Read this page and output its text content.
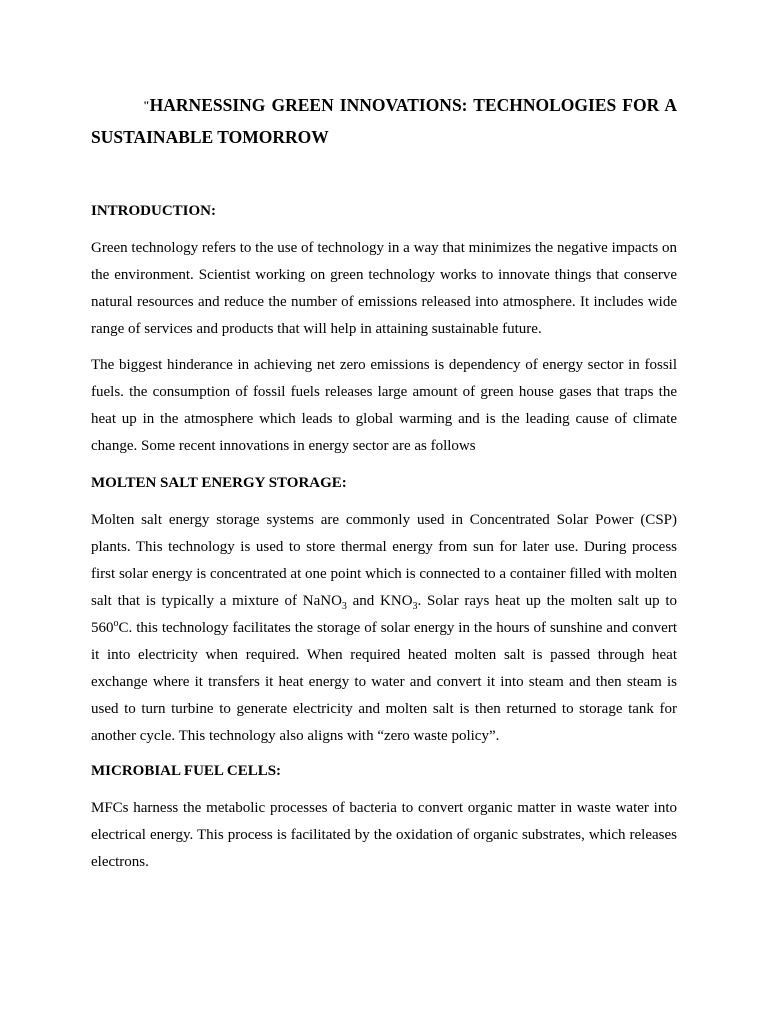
"HARNESSING GREEN INNOVATIONS: TECHNOLOGIES FOR A SUSTAINABLE TOMORROW

INTRODUCTION:

Green technology refers to the use of technology in a way that minimizes the negative impacts on the environment. Scientist working on green technology works to innovate things that conserve natural resources and reduce the number of emissions released into atmosphere. It includes wide range of services and products that will help in attaining sustainable future.

The biggest hinderance in achieving net zero emissions is dependency of energy sector in fossil fuels. the consumption of fossil fuels releases large amount of green house gases that traps the heat up in the atmosphere which leads to global warming and is the leading cause of climate change. Some recent innovations in energy sector are as follows

MOLTEN SALT ENERGY STORAGE:

Molten salt energy storage systems are commonly used in Concentrated Solar Power (CSP) plants. This technology is used to store thermal energy from sun for later use. During process first solar energy is concentrated at one point which is connected to a container filled with molten salt that is typically a mixture of NaNO$_3$ and $KNO_3$. Solar rays heat up the molten salt up to 560$^o$C. this technology facilitates the storage of solar energy in the hours of sunshine and convert it into electricity when required. When required heated molten salt is passed through heat exchange where it transfers it heat energy to water and convert it into steam and then steam is used to turn turbine to generate electricity and molten salt is then returned to storage tank for another cycle. This technology also aligns with “zero waste policy”.

MICROBIAL FUEL CELLS:

MFCs harness the metabolic processes of bacteria to convert organic matter in waste water into electrical energy. This process is facilitated by the oxidation of organic substrates, which releases electrons.
